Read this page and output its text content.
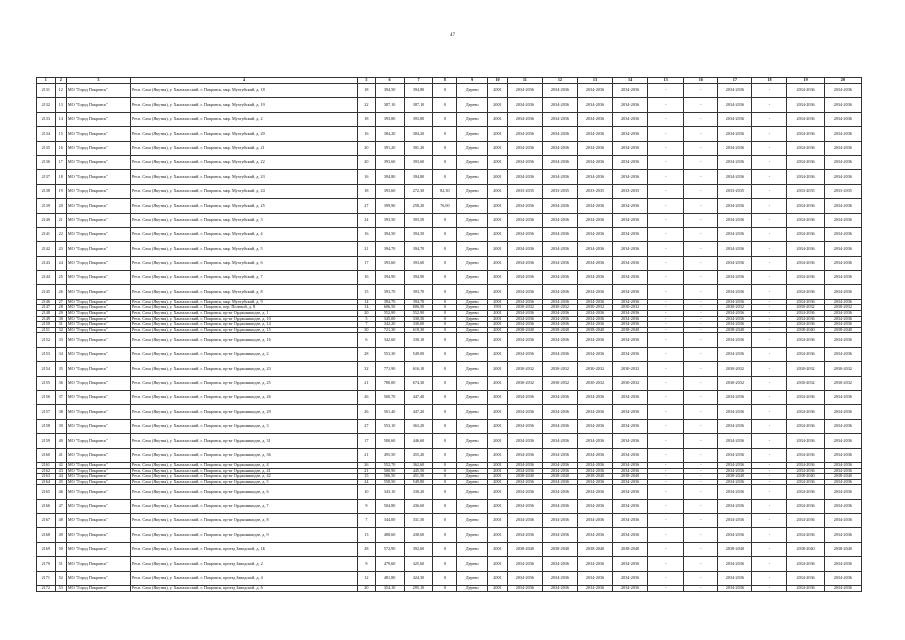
47
1	2	3	4	5	6	7	8	9	10	11	12	13	14	15	16	17	18	19	20
2131	12	МО "Город Покровск"	Респ. Саха (Якутия), у. Хангаласский, г. Покровск, мкр. Мухтуйский, д. 18	18	394,50	394,80	0	Дерево	2001	2034-2036	2034-2036	2034-2036	2034-2036	-	-	2034-2036	-	2034-2036	2034-2036
2132	13	МО "Город Покровск"	Респ. Саха (Якутия), у. Хангаласский, г. Покровск, мкр. Мухтуйский, д. 19	22	387,10	387,10	0	Дерево	2001	2034-2036	2034-2036	2034-2036	2034-2036	-	-	2034-2036	-	2034-2036	2034-2036
2133	14	МО "Город Покровск"	Респ. Саха (Якутия), у. Хангаласский, г. Покровск, мкр. Мухтуйский, д. 2	18	393,80	393,80	0	Дерево	2001	2034-2036	2034-2036	2034-2036	2034-2036	-	-	2034-2036	-	2034-2036	2034-2036
2134	15	МО "Город Покровск"	Респ. Саха (Якутия), у. Хангаласский, г. Покровск, мкр. Мухтуйский, д. 20	16	384,20	384,20	0	Дерево	2001	2034-2036	2034-2036	2034-2036	2034-2036	-	-	2034-2036	-	2034-2036	2034-2036
2135	16	МО "Город Покровск"	Респ. Саха (Якутия), у. Хангаласский, г. Покровск, мкр. Мухтуйский, д. 21	20	391,20	391,20	0	Дерево	2001	2034-2036	2034-2036	2034-2036	2034-2036	-	-	2034-2036	-	2034-2036	2034-2036
2136	17	МО "Город Покровск"	Респ. Саха (Якутия), у. Хангаласский, г. Покровск, мкр. Мухтуйский, д. 22	20	393,60	393,60	0	Дерево	2001	2034-2036	2034-2036	2034-2036	2034-2036	-	-	2034-2036	-	2034-2036	2034-2036
2137	18	МО "Город Покровск"	Респ. Саха (Якутия), у. Хангаласский, г. Покровск, мкр. Мухтуйский, д. 23	16	394,80	394,80	0	Дерево	2001	2034-2036	2034-2036	2034-2036	2034-2036	-	-	2034-2036	-	2034-2036	2034-2036
2138	19	МО "Город Покровск"	Респ. Саха (Якутия), у. Хангаласский, г. Покровск, мкр. Мухтуйский, д. 24	18	393,60	272,30	82,30	Дерево	2001	2033-2035	2033-2035	2033-2035	2033-2035	-	-	2033-2035	-	2033-2035	2033-2035
2139	20	МО "Город Покровск"	Респ. Саха (Якутия), у. Хангаласский, г. Покровск, мкр. Мухтуйский, д. 25	27	399,90	258,20	76,00	Дерево	2001	2034-2036	2034-2036	2034-2036	2034-2036	-	-	2034-2036	-	2034-2036	2034-2036
2140	21	МО "Город Покровск"	Респ. Саха (Якутия), у. Хангаласский, г. Покровск, мкр. Мухтуйский, д. 3	24	393,50	393,50	0	Дерево	2001	2034-2036	2034-2036	2034-2036	2034-2036	-	-	2034-2036	-	2034-2036	2034-2036
2141	22	МО "Город Покровск"	Респ. Саха (Якутия), у. Хангаласский, г. Покровск, мкр. Мухтуйский, д. 4	16	394,50	394,50	0	Дерево	2001	2034-2036	2034-2036	2034-2036	2034-2036	-	-	2034-2036	-	2034-2036	2034-2036
2142	23	МО "Город Покровск"	Респ. Саха (Якутия), у. Хангаласский, г. Покровск, мкр. Мухтуйский, д. 5	21	394,70	394,70	0	Дерево	2001	2034-2036	2034-2036	2034-2036	2034-2036	-	-	2034-2036	-	2034-2036	2034-2036
2143	24	МО "Город Покровск"	Респ. Саха (Якутия), у. Хангаласский, г. Покровск, мкр. Мухтуйский, д. 6	17	393,60	393,60	0	Дерево	2001	2034-2036	2034-2036	2034-2036	2034-2036	-	-	2034-2036	-	2034-2036	2034-2036
2144	25	МО "Город Покровск"	Респ. Саха (Якутия), у. Хангаласский, г. Покровск, мкр. Мухтуйский, д. 7	16	394,90	394,90	0	Дерево	2001	2034-2036	2034-2036	2034-2036	2034-2036	-	-	2034-2036	-	2034-2036	2034-2036
2145	26	МО "Город Покровск"	Респ. Саха (Якутия), у. Хангаласский, г. Покровск, мкр. Мухтуйский, д. 8	15	393,70	393,70	0	Дерево	2001	2034-2036	2034-2036	2034-2036	2034-2036	-	-	2034-2036	-	2034-2036	2034-2036
2146	27	МО "Город Покровск"	Респ. Саха (Якутия), у. Хангаласский, г. Покровск, мкр. Мухтуйский, д. 9	14	394,70	394,70	0	Дерево	2001	2034-2036	2034-2036	2034-2036	2034-2036	-	-	2034-2036	-	2034-2036	2034-2036
2147	28	МО "Город Покровск"	Респ. Саха (Якутия), у. Хангаласский, г. Покровск, пер. Полевой, д. 8	14	606,50	606,50	0	Дерево	1991	2030-2032	2030-2032	2030-2032	2030-2032	-	-	2030-2032	-	2030-2032	2030-2032
2148	29	МО "Город Покровск"	Респ. Саха (Якутия), у. Хангаласский, г. Покровск, пр-кт Орджоникидзе, д. 1	20	552,90	552,90	0	Дерево	2001	2034-2036	2034-2036	2034-2036	2034-2036	-	-	2034-2036	-	2034-2036	2034-2036
2149	30	МО "Город Покровск"	Респ. Саха (Якутия), у. Хангаласский, г. Покровск, пр-кт Орджоникидзе, д. 10	5	345,00	330,50	0	Дерево	2001	2034-2036	2034-2036	2034-2036	2034-2036	-	-	2034-2036	-	2034-2036	2034-2036
2150	31	МО "Город Покровск"	Респ. Саха (Якутия), у. Хангаласский, г. Покровск, пр-кт Орджоникидзе, д. 14	7	342,20	330,00	0	Дерево	2001	2034-2036	2034-2036	2034-2036	2034-2036	-	-	2034-2036	-	2034-2036	2034-2036
2151	32	МО "Город Покровск"	Респ. Саха (Якутия), у. Хангаласский, г. Покровск, пр-кт Орджоникидзе, д. 15	30	721,30	619,30	0	Дерево	2001	2038-2040	2038-2040	2038-2040	2038-2040	-	-	2038-2040	-	2038-2040	2038-2040
2152	33	МО "Город Покровск"	Респ. Саха (Якутия), у. Хангаласский, г. Покровск, пр-кт Орджоникидзе, д. 16	6	342,60	330,10	0	Дерево	2001	2034-2036	2034-2036	2034-2036	2034-2036	-	-	2034-2036	-	2034-2036	2034-2036
2153	34	МО "Город Покровск"	Респ. Саха (Якутия), у. Хангаласский, г. Покровск, пр-кт Орджоникидзе, д. 2	28	553,30	549,00	0	Дерево	2001	2034-2036	2034-2036	2034-2036	2034-2036	-	-	2034-2036	-	2034-2036	2034-2036
2154	35	МО "Город Покровск"	Респ. Саха (Якутия), у. Хангаласский, г. Покровск, пр-кт Орджоникидзе, д. 23	32	771,90	616,10	0	Дерево	2001	2030-2032	2030-2032	2030-2032	2030-2032	-	-	2030-2032	-	2030-2032	2030-2032
2155	36	МО "Город Покровск"	Респ. Саха (Якутия), у. Хангаласский, г. Покровск, пр-кт Орджоникидзе, д. 25	21	780,00	674,30	0	Дерево	2001	2030-2032	2030-2032	2030-2032	2030-2032	-	-	2030-2032	-	2030-2032	2030-2032
2156	37	МО "Город Покровск"	Респ. Саха (Якутия), у. Хангаласский, г. Покровск, пр-кт Орджоникидзе, д. 26	26	500,70	447,40	0	Дерево	2001	2034-2036	2034-2036	2034-2036	2034-2036	-	-	2034-2036	-	2034-2036	2034-2036
2157	38	МО "Город Покровск"	Респ. Саха (Якутия), у. Хангаласский, г. Покровск, пр-кт Орджоникидзе, д. 29	26	501,40	447,20	0	Дерево	2001	2034-2036	2034-2036	2034-2036	2034-2036	-	-	2034-2036	-	2034-2036	2034-2036
2158	39	МО "Город Покровск"	Респ. Саха (Якутия), у. Хангаласский, г. Покровск, пр-кт Орджоникидзе, д. 3	27	553,10	363,20	0	Дерево	2001	2034-2036	2034-2036	2034-2036	2034-2036	-	-	2034-2036	-	2034-2036	2034-2036
2159	40	МО "Город Покровск"	Респ. Саха (Якутия), у. Хангаласский, г. Покровск, пр-кт Орджоникидзе, д. 31	17	500,60	446,60	0	Дерево	2001	2034-2036	2034-2036	2034-2036	2034-2036	-	-	2034-2036	-	2034-2036	2034-2036
2160	41	МО "Город Покровск"	Респ. Саха (Якутия), у. Хангаласский, г. Покровск, пр-кт Орджоникидзе, д. 36	21	495,50	455,20	0	Дерево	2001	2034-2036	2034-2036	2034-2036	2034-2036	-	-	2034-2036	-	2034-2036	2034-2036
2161	42	МО "Город Покровск"	Респ. Саха (Якутия), у. Хангаласский, г. Покровск, пр-кт Орджоникидзе, д. 4	26	552,70	362,60	0	Дерево	2001	2034-2036	2034-2036	2034-2036	2034-2036	-	-	2034-2036	-	2034-2036	2034-2036
2162	43	МО "Город Покровск"	Респ. Саха (Якутия), у. Хангаласский, г. Покровск, пр-кт Орджоникидзе, д. 41	21	500,90	445,50	0	Дерево	2001	2034-2036	2034-2036	2034-2036	2034-2036	-	-	2034-2036	-	2034-2036	2034-2036
2163	44	МО "Город Покровск"	Респ. Саха (Якутия), у. Хангаласский, г. Покровск, пр-кт Орджоникидзе, д. 42	15	506,50	451,50	0	Дерево	2001	2038-2040	2038-2040	2038-2040	2038-2040	-	-	2038-2040	-	2038-2040	2038-2040
2164	45	МО "Город Покровск"	Респ. Саха (Якутия), у. Хангаласский, г. Покровск, пр-кт Орджоникидзе, д. 5	24	558,50	549,80	0	Дерево	2001	2034-2036	2034-2036	2034-2036	2034-2036	-	-	2034-2036	-	2034-2036	2034-2036
2165	46	МО "Город Покровск"	Респ. Саха (Якутия), у. Хангаласский, г. Покровск, пр-кт Орджоникидзе, д. 6	10	343,10	330,20	0	Дерево	2001	2034-2036	2034-2036	2034-2036	2034-2036	-	-	2034-2036	-	2034-2036	2034-2036
2166	47	МО "Город Покровск"	Респ. Саха (Якутия), у. Хангаласский, г. Покровск, пр-кт Орджоникидзе, д. 7	9	504,80	436,60	0	Дерево	2001	2034-2036	2034-2036	2034-2036	2034-2036	-	-	2034-2036	-	2034-2036	2034-2036
2167	48	МО "Город Покровск"	Респ. Саха (Якутия), у. Хангаласский, г. Покровск, пр-кт Орджоникидзе, д. 8	7	344,00	331,50	0	Дерево	2001	2034-2036	2034-2036	2034-2036	2034-2036	-	-	2034-2036	-	2034-2036	2034-2036
2168	49	МО "Город Покровск"	Респ. Саха (Якутия), у. Хангаласский, г. Покровск, пр-кт Орджоникидзе, д. 9	13	488,60	438,60	0	Дерево	2001	2034-2036	2034-2036	2034-2036	2034-2036	-	-	2034-2036	-	2034-2036	2034-2036
2169	50	МО "Город Покровск"	Респ. Саха (Якутия), у. Хангаласский, г. Покровск, проезд Заводской, д. 1Б	28	572,90	392,60	0	Дерево	2001	2038-2040	2038-2040	2038-2040	2038-2040	-	-	2038-2040	-	2038-2040	2038-2040
2170	51	МО "Город Покровск"	Респ. Саха (Якутия), у. Хангаласский, г. Покровск, проезд Заводской, д. 2	9	479,60	425,60	0	Дерево	2001	2034-2036	2034-2036	2034-2036	2034-2036	-	-	2034-2036	-	2034-2036	2034-2036
2171	52	МО "Город Покровск"	Респ. Саха (Якутия), у. Хангаласский, г. Покровск, проезд Заводской, д. 4	12	481,80	424,30	0	Дерево	2001	2034-2036	2034-2036	2034-2036	2034-2036	-	-	2034-2036	-	2034-2036	2034-2036
2172	53	МО "Город Покровск"	Респ. Саха (Якутия), у. Хангаласский, г. Покровск, проезд Заводской, д. 6	20	354,10	295,10	0	Дерево	2001	2034-2036	2034-2036	2034-2036	2034-2036	-	-	2034-2036	-	2034-2036	2034-2036
